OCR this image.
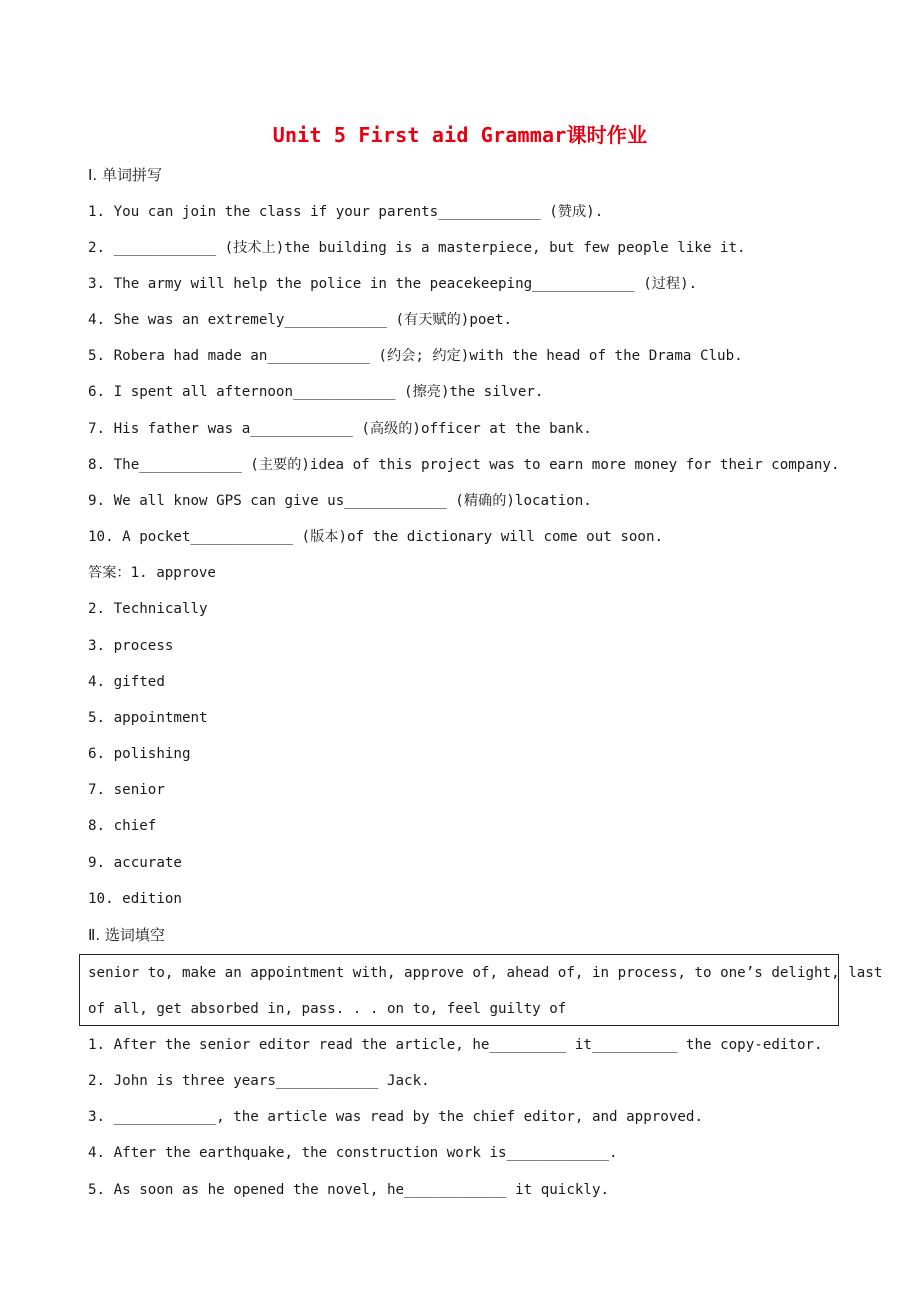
Unit 5 First aid Grammar课时作业
Ⅰ. 单词拼写
1. You can join the class if your parents____________ (赞成).
2. ____________ (技术上)the building is a masterpiece, but few people like it.
3. The army will help the police in the peacekeeping____________ (过程).
4. She was an extremely____________ (有天赋的)poet.
5. Robera had made an____________ (约会; 约定)with the head of the Drama Club.
6. I spent all afternoon____________ (擦亮)the silver.
7. His father was a____________ (高级的)officer at the bank.
8. The____________ (主要的)idea of this project was to earn more money for their company.
9. We all know GPS can give us____________ (精确的)location.
10. A pocket____________ (版本)of the dictionary will come out soon.
答案：1. approve
2. Technically
3. process
4. gifted
5. appointment
6. polishing
7. senior
8. chief
9. accurate
10. edition
Ⅱ. 选词填空
senior to, make an appointment with, approve of, ahead of, in process, to one’s delight, last
of all, get absorbed in, pass. . . on to, feel guilty of
1. After the senior editor read the article, he_________ it__________ the copy-editor.
2. John is three years____________ Jack.
3. ____________, the article was read by the chief editor, and approved.
4. After the earthquake, the construction work is____________.
5. As soon as he opened the novel, he____________ it quickly.
